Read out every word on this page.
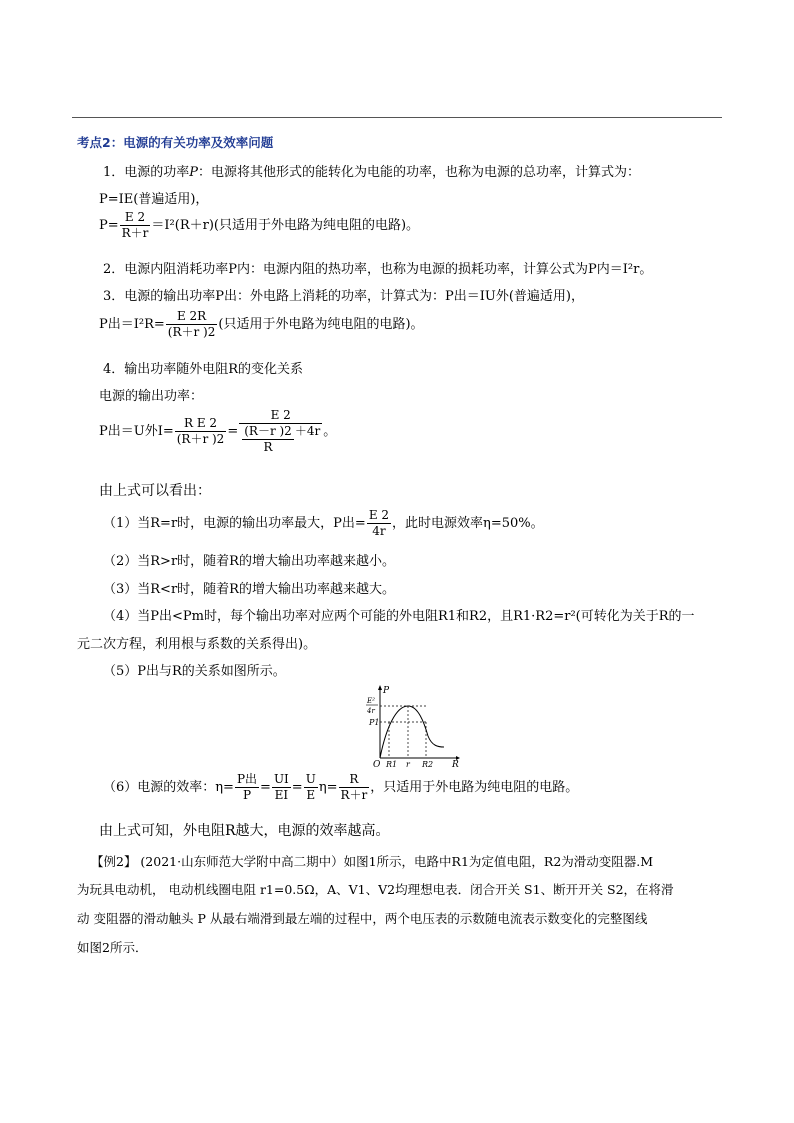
考点2：电源的有关功率及效率问题
1．电源的功率P：电源将其他形式的能转化为电能的功率，也称为电源的总功率，计算式为：
P=IE(普遍适用)，
$P= \frac{E 2}{R+r} =I^2(R+r)$(只适用于外电路为纯电阻的电路)。
2．电源内阻消耗功率P内：电源内阻的热功率，也称为电源的损耗功率，计算公式为P内＝I²r。
3．电源的输出功率P出：外电路上消耗的功率，计算式为：P出＝IU外(普遍适用)，
P出$=I^2R= \frac{E 2R}{(R+r )2}$ (只适用于外电路为纯电阻的电路)。
4．输出功率随外电阻R的变化关系
电源的输出功率：
P出＝U外$I= \frac{\text{R E 2}}{(R+r )2} = \frac{E 2}{\frac{(R-r )2}{R} +4r}$ 。
由上式可以看出：
（1）当R=r时，电源的输出功率最大，P出= $\frac{E 2}{4r}$ ，此时电源效率η=50%。
（2）当R>r时，随着R的增大输出功率越来越小。
（3）当R<r时，随着R的增大输出功率越来越大。
（4）当P出<Pm时，每个输出功率对应两个可能的外电阻R1和R2，且R1·R2=r²(可转化为关于R的一
元二次方程，利用根与系数的关系得出)。
（5）P出与R的关系如图所示。
P
R
O
E²
4r
P1
R1 r R2
（6）电源的效率：$\eta= \frac{\text{P出}}{P} = \frac{UI}{EI} = \frac{U}{E} \eta= \frac{R}{R+r}$ ，只适用于外电路为纯电阻的电路。
由上式可知，外电阻R越大，电源的效率越高。
【例2】 (2021·山东师范大学附中高二期中）如图1所示，电路中R1为定值电阻，R2为滑动变阻器.M
为玩具电动机， 电动机线圈电阻 r1=0.5Ω，A、V1、V2均理想电表．闭合开关 S1、断开开关 S2，在将滑
动 变阻器的滑动触头 P 从最右端滑到最左端的过程中，两个电压表的示数随电流表示数变化的完整图线
如图2所示．
